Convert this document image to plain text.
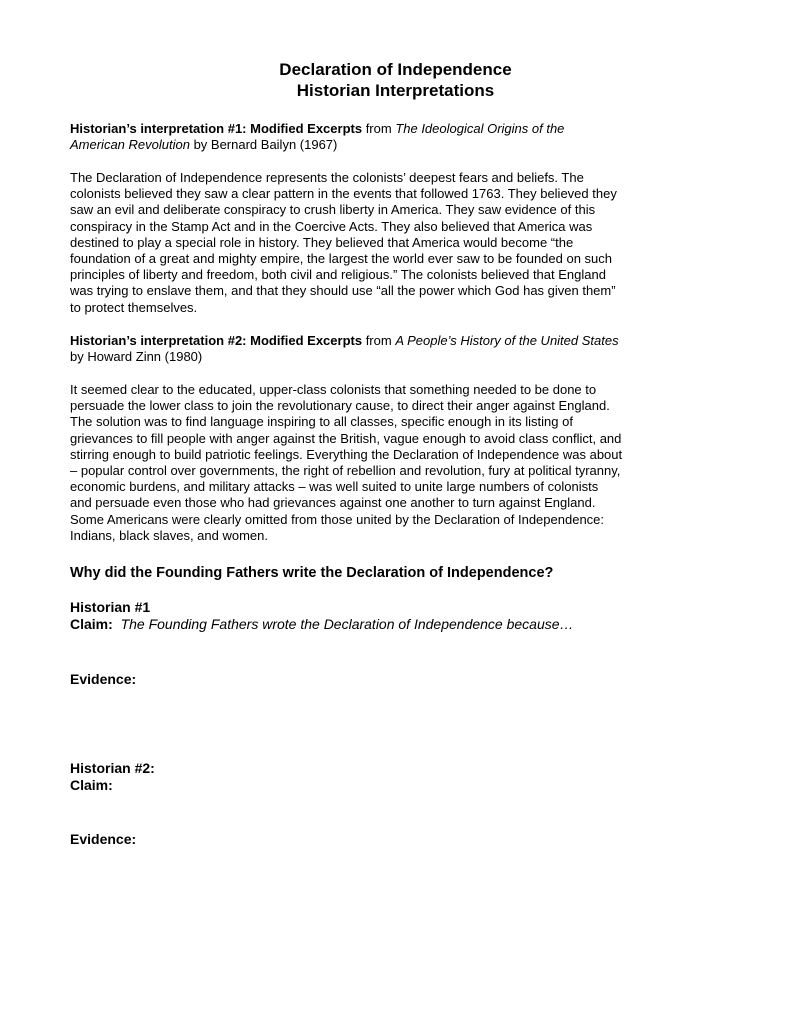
Declaration of Independence
Historian Interpretations
Historian’s interpretation #1: Modified Excerpts from The Ideological Origins of the
American Revolution by Bernard Bailyn (1967)
The Declaration of Independence represents the colonists’ deepest fears and beliefs. The
colonists believed they saw a clear pattern in the events that followed 1763. They believed they
saw an evil and deliberate conspiracy to crush liberty in America. They saw evidence of this
conspiracy in the Stamp Act and in the Coercive Acts. They also believed that America was
destined to play a special role in history. They believed that America would become “the
foundation of a great and mighty empire, the largest the world ever saw to be founded on such
principles of liberty and freedom, both civil and religious.” The colonists believed that England
was trying to enslave them, and that they should use “all the power which God has given them”
to protect themselves.
Historian’s interpretation #2: Modified Excerpts from A People’s History of the United States
by Howard Zinn (1980)
It seemed clear to the educated, upper-class colonists that something needed to be done to
persuade the lower class to join the revolutionary cause, to direct their anger against England.
The solution was to find language inspiring to all classes, specific enough in its listing of
grievances to fill people with anger against the British, vague enough to avoid class conflict, and
stirring enough to build patriotic feelings. Everything the Declaration of Independence was about
– popular control over governments, the right of rebellion and revolution, fury at political tyranny,
economic burdens, and military attacks – was well suited to unite large numbers of colonists
and persuade even those who had grievances against one another to turn against England.
Some Americans were clearly omitted from those united by the Declaration of Independence:
Indians, black slaves, and women.
Why did the Founding Fathers write the Declaration of Independence?
Historian #1
Claim: The Founding Fathers wrote the Declaration of Independence because…
Evidence:
Historian #2:
Claim:
Evidence:
